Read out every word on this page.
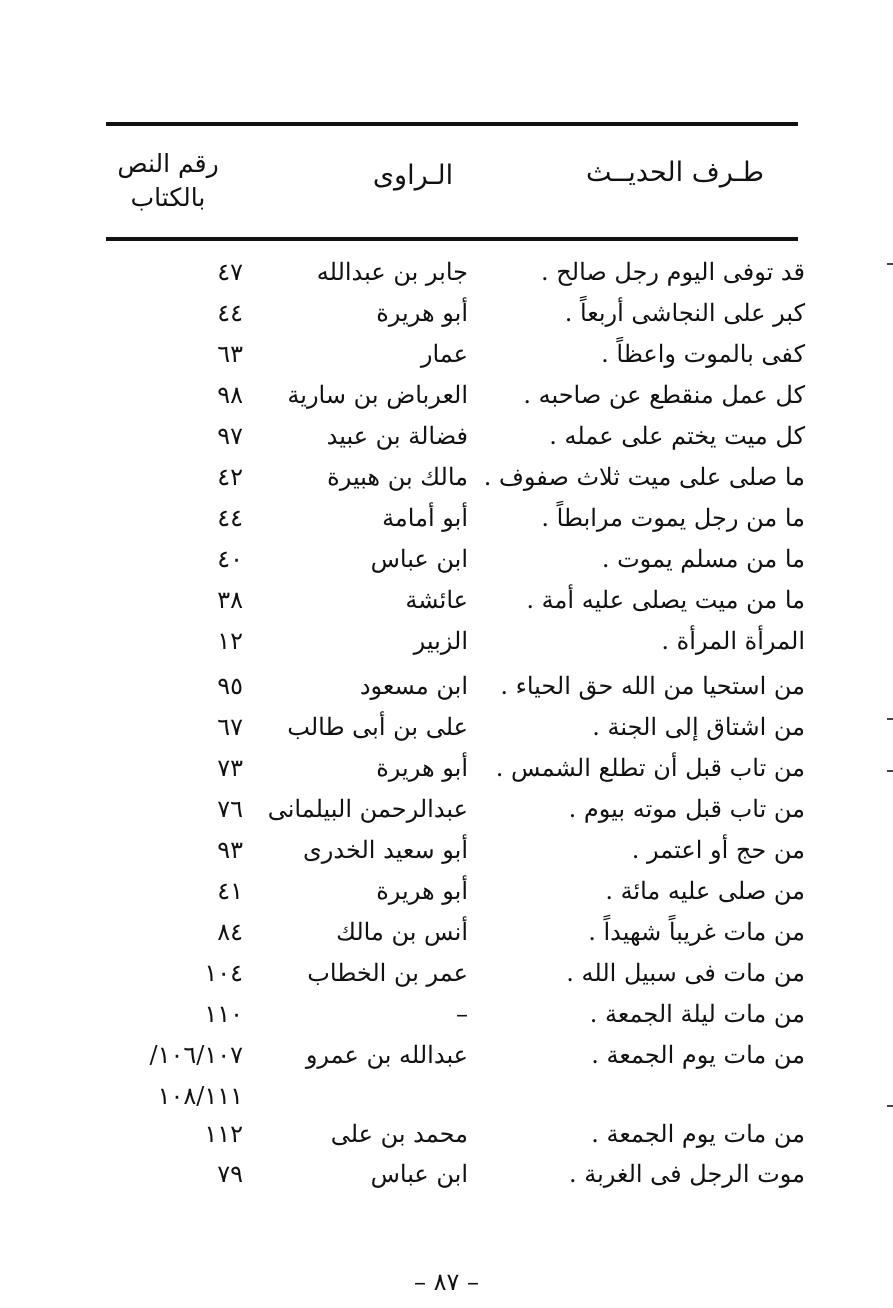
طـرف الحديــث
الـراوى
رقم النص
بالكتاب
قد توفى اليوم رجل صالح .
جابر بن عبدالله
٤٧
كبر على النجاشى أربعاً .
أبو هريرة
٤٤
كفى بالموت واعظاً .
عمار
٦٣
كل عمل منقطع عن صاحبه .
العرباض بن سارية
٩٨
كل ميت يختم على عمله .
فضالة بن عبيد
٩٧
ما صلى على ميت ثلاث صفوف .
مالك بن هبيرة
٤٢
ما من رجل يموت مرابطاً .
أبو أمامة
٤٤
ما من مسلم يموت .
ابن عباس
٤٠
ما من ميت يصلى عليه أمة .
عائشة
٣٨
المرأة المرأة .
الزبير
١٢
من استحيا من الله حق الحياء .
ابن مسعود
٩٥
من اشتاق إلى الجنة .
على بن أبى طالب
٦٧
من تاب قبل أن تطلع الشمس .
أبو هريرة
٧٣
من تاب قبل موته بيوم .
عبدالرحمن البيلمانى
٧٦
من حج أو اعتمر .
أبو سعيد الخدرى
٩٣
من صلى عليه مائة .
أبو هريرة
٤١
من مات غريباً شهيداً .
أنس بن مالك
٨٤
من مات فى سبيل الله .
عمر بن الخطاب
١٠٤
من مات ليلة الجمعة .
–
١١٠
من مات يوم الجمعة .
عبدالله بن عمرو
١٠٦/١٠٧/
١٠٨/١١١
من مات يوم الجمعة .
محمد بن على
١١٢
موت الرجل فى الغربة .
ابن عباس
٧٩
– ٨٧ –
